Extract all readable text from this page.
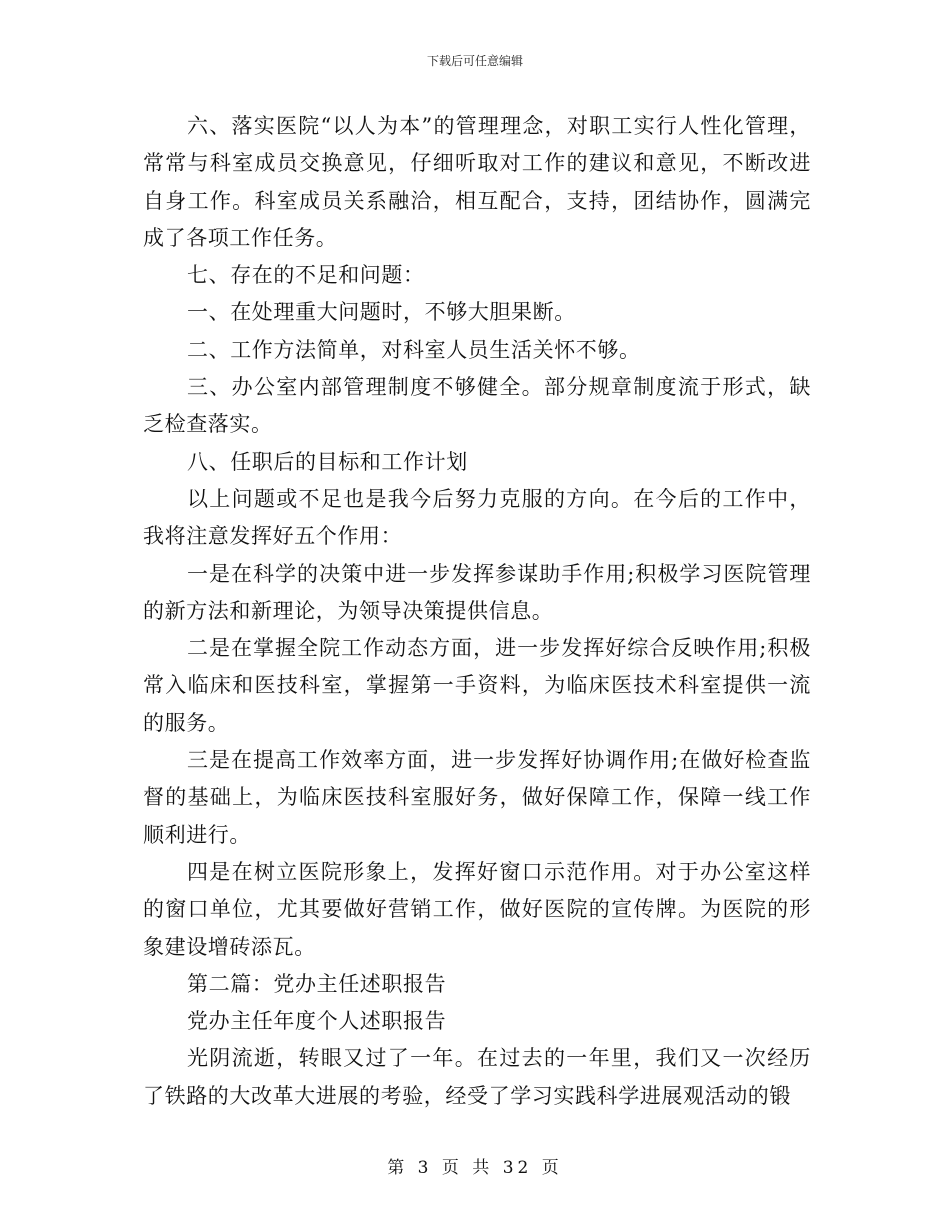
下载后可任意编辑

六、落实医院“以人为本”的管理理念，对职工实行人性化管理，常常与科室成员交换意见，仔细听取对工作的建议和意见，不断改进自身工作。科室成员关系融洽，相互配合，支持，团结协作，圆满完成了各项工作任务。

七、存在的不足和问题：

一、在处理重大问题时，不够大胆果断。

二、工作方法简单，对科室人员生活关怀不够。

三、办公室内部管理制度不够健全。部分规章制度流于形式，缺乏检查落实。

八、任职后的目标和工作计划

以上问题或不足也是我今后努力克服的方向。在今后的工作中，我将注意发挥好五个作用：

一是在科学的决策中进一步发挥参谋助手作用;积极学习医院管理的新方法和新理论，为领导决策提供信息。

二是在掌握全院工作动态方面，进一步发挥好综合反映作用;积极常入临床和医技科室，掌握第一手资料，为临床医技术科室提供一流的服务。

三是在提高工作效率方面，进一步发挥好协调作用;在做好检查监督的基础上，为临床医技科室服好务，做好保障工作，保障一线工作顺利进行。

四是在树立医院形象上，发挥好窗口示范作用。对于办公室这样的窗口单位，尤其要做好营销工作，做好医院的宣传牌。为医院的形象建设增砖添瓦。

第二篇：党办主任述职报告

党办主任年度个人述职报告

光阴流逝，转眼又过了一年。在过去的一年里，我们又一次经历了铁路的大改革大进展的考验，经受了学习实践科学进展观活动的锻

第 3 页 共 32 页
